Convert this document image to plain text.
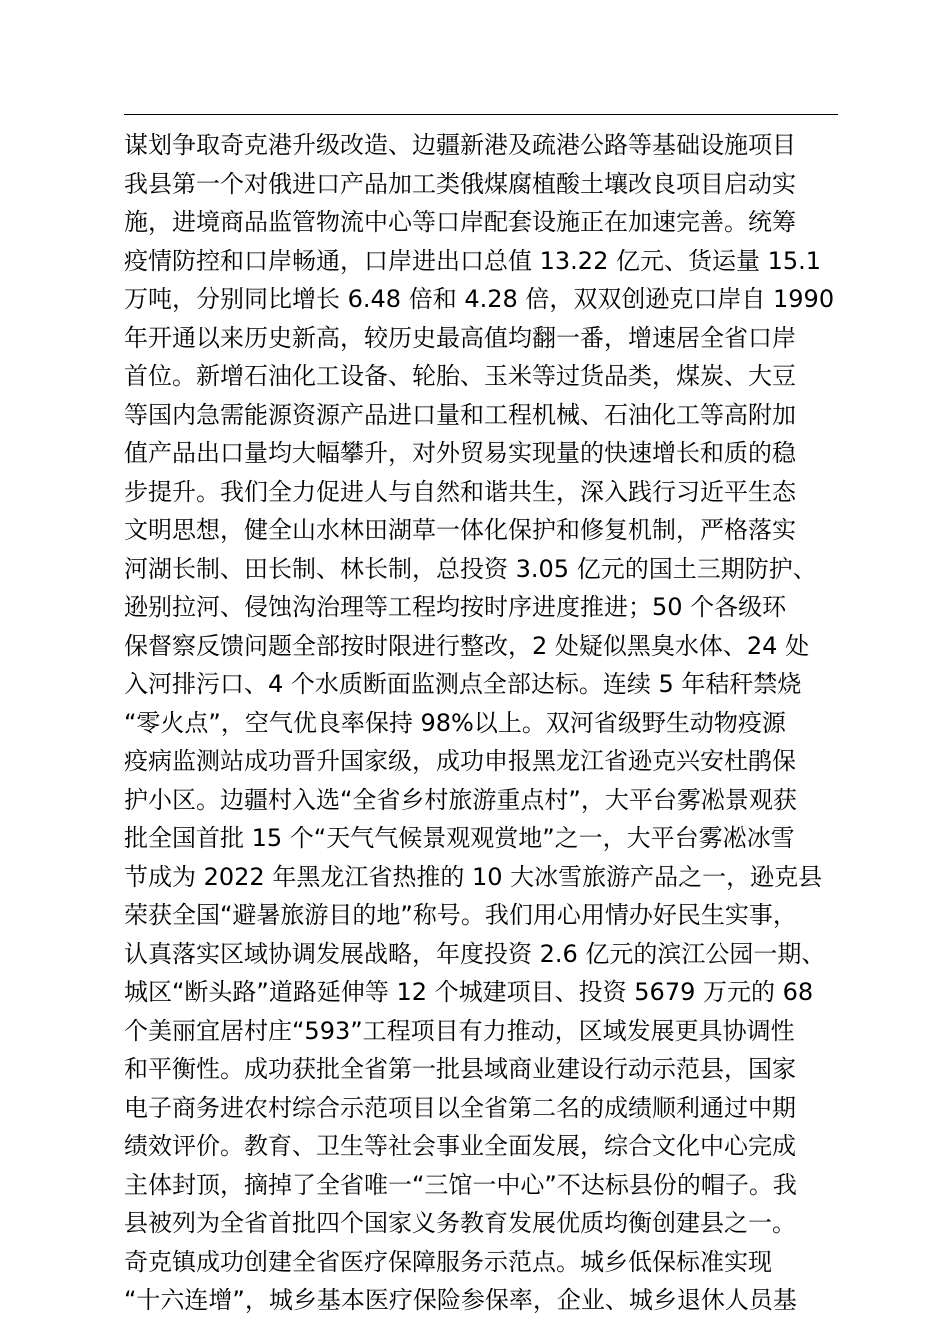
谋划争取奇克港升级改造、边疆新港及疏港公路等基础设施项目
我县第一个对俄进口产品加工类俄煤腐植酸土壤改良项目启动实
施，进境商品监管物流中心等口岸配套设施正在加速完善。统筹
疫情防控和口岸畅通，口岸进出口总值 13.22 亿元、货运量 15.1
万吨，分别同比增长 6.48 倍和 4.28 倍，双双创逊克口岸自 1990
年开通以来历史新高，较历史最高值均翻一番，增速居全省口岸
首位。新增石油化工设备、轮胎、玉米等过货品类，煤炭、大豆
等国内急需能源资源产品进口量和工程机械、石油化工等高附加
值产品出口量均大幅攀升，对外贸易实现量的快速增长和质的稳
步提升。我们全力促进人与自然和谐共生，深入践行习近平生态
文明思想，健全山水林田湖草一体化保护和修复机制，严格落实
河湖长制、田长制、林长制，总投资 3.05 亿元的国土三期防护、
逊别拉河、侵蚀沟治理等工程均按时序进度推进；50 个各级环
保督察反馈问题全部按时限进行整改，2 处疑似黑臭水体、24 处
入河排污口、4 个水质断面监测点全部达标。连续 5 年秸秆禁烧
“零火点”，空气优良率保持 98%以上。双河省级野生动物疫源
疫病监测站成功晋升国家级，成功申报黑龙江省逊克兴安杜鹃保
护小区。边疆村入选“全省乡村旅游重点村”，大平台雾凇景观获
批全国首批 15 个“天气气候景观观赏地”之一，大平台雾凇冰雪
节成为 2022 年黑龙江省热推的 10 大冰雪旅游产品之一，逊克县
荣获全国“避暑旅游目的地”称号。我们用心用情办好民生实事，
认真落实区域协调发展战略，年度投资 2.6 亿元的滨江公园一期、
城区“断头路”道路延伸等 12 个城建项目、投资 5679 万元的 68
个美丽宜居村庄“593”工程项目有力推动，区域发展更具协调性
和平衡性。成功获批全省第一批县域商业建设行动示范县，国家
电子商务进农村综合示范项目以全省第二名的成绩顺利通过中期
绩效评价。教育、卫生等社会事业全面发展，综合文化中心完成
主体封顶，摘掉了全省唯一“三馆一中心”不达标县份的帽子。我
县被列为全省首批四个国家义务教育发展优质均衡创建县之一。
奇克镇成功创建全省医疗保障服务示范点。城乡低保标准实现
“十六连增”，城乡基本医疗保险参保率，企业、城乡退休人员基
